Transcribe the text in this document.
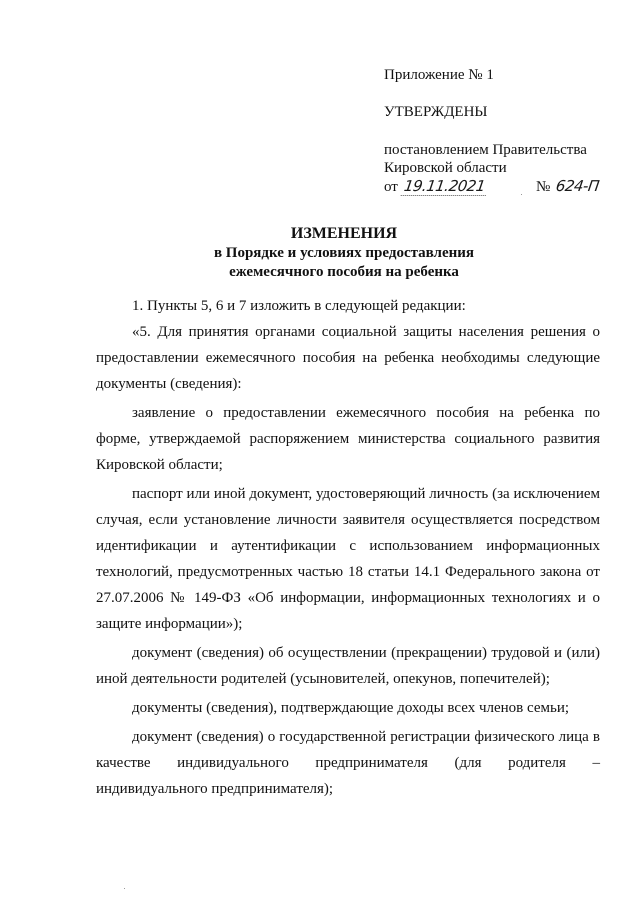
Приложение № 1
УТВЕРЖДЕНЫ
постановлением Правительства
Кировской области
от 19.11.2021	№ 624-П
ИЗМЕНЕНИЯ
в Порядке и условиях предоставления
ежемесячного пособия на ребенка

1. Пункты 5, 6 и 7 изложить в следующей редакции:

«5. Для принятия органами социальной защиты населения решения о предоставлении ежемесячного пособия на ребенка необходимы следующие документы (сведения):

заявление о предоставлении ежемесячного пособия на ребенка по форме, утверждаемой распоряжением министерства социального развития Кировской области;

паспорт или иной документ, удостоверяющий личность (за исключением случая, если установление личности заявителя осуществляется посредством идентификации и аутентификации с использованием информационных технологий, предусмотренных частью 18 статьи 14.1 Федерального закона от 27.07.2006 № 149-ФЗ «Об информации, информационных технологиях и о защите информации»);

документ (сведения) об осуществлении (прекращении) трудовой и (или) иной деятельности родителей (усыновителей, опекунов, попечителей);

документы (сведения), подтверждающие доходы всех членов семьи;

документ (сведения) о государственной регистрации физического лица в качестве индивидуального предпринимателя (для родителя – индивидуального предпринимателя);
